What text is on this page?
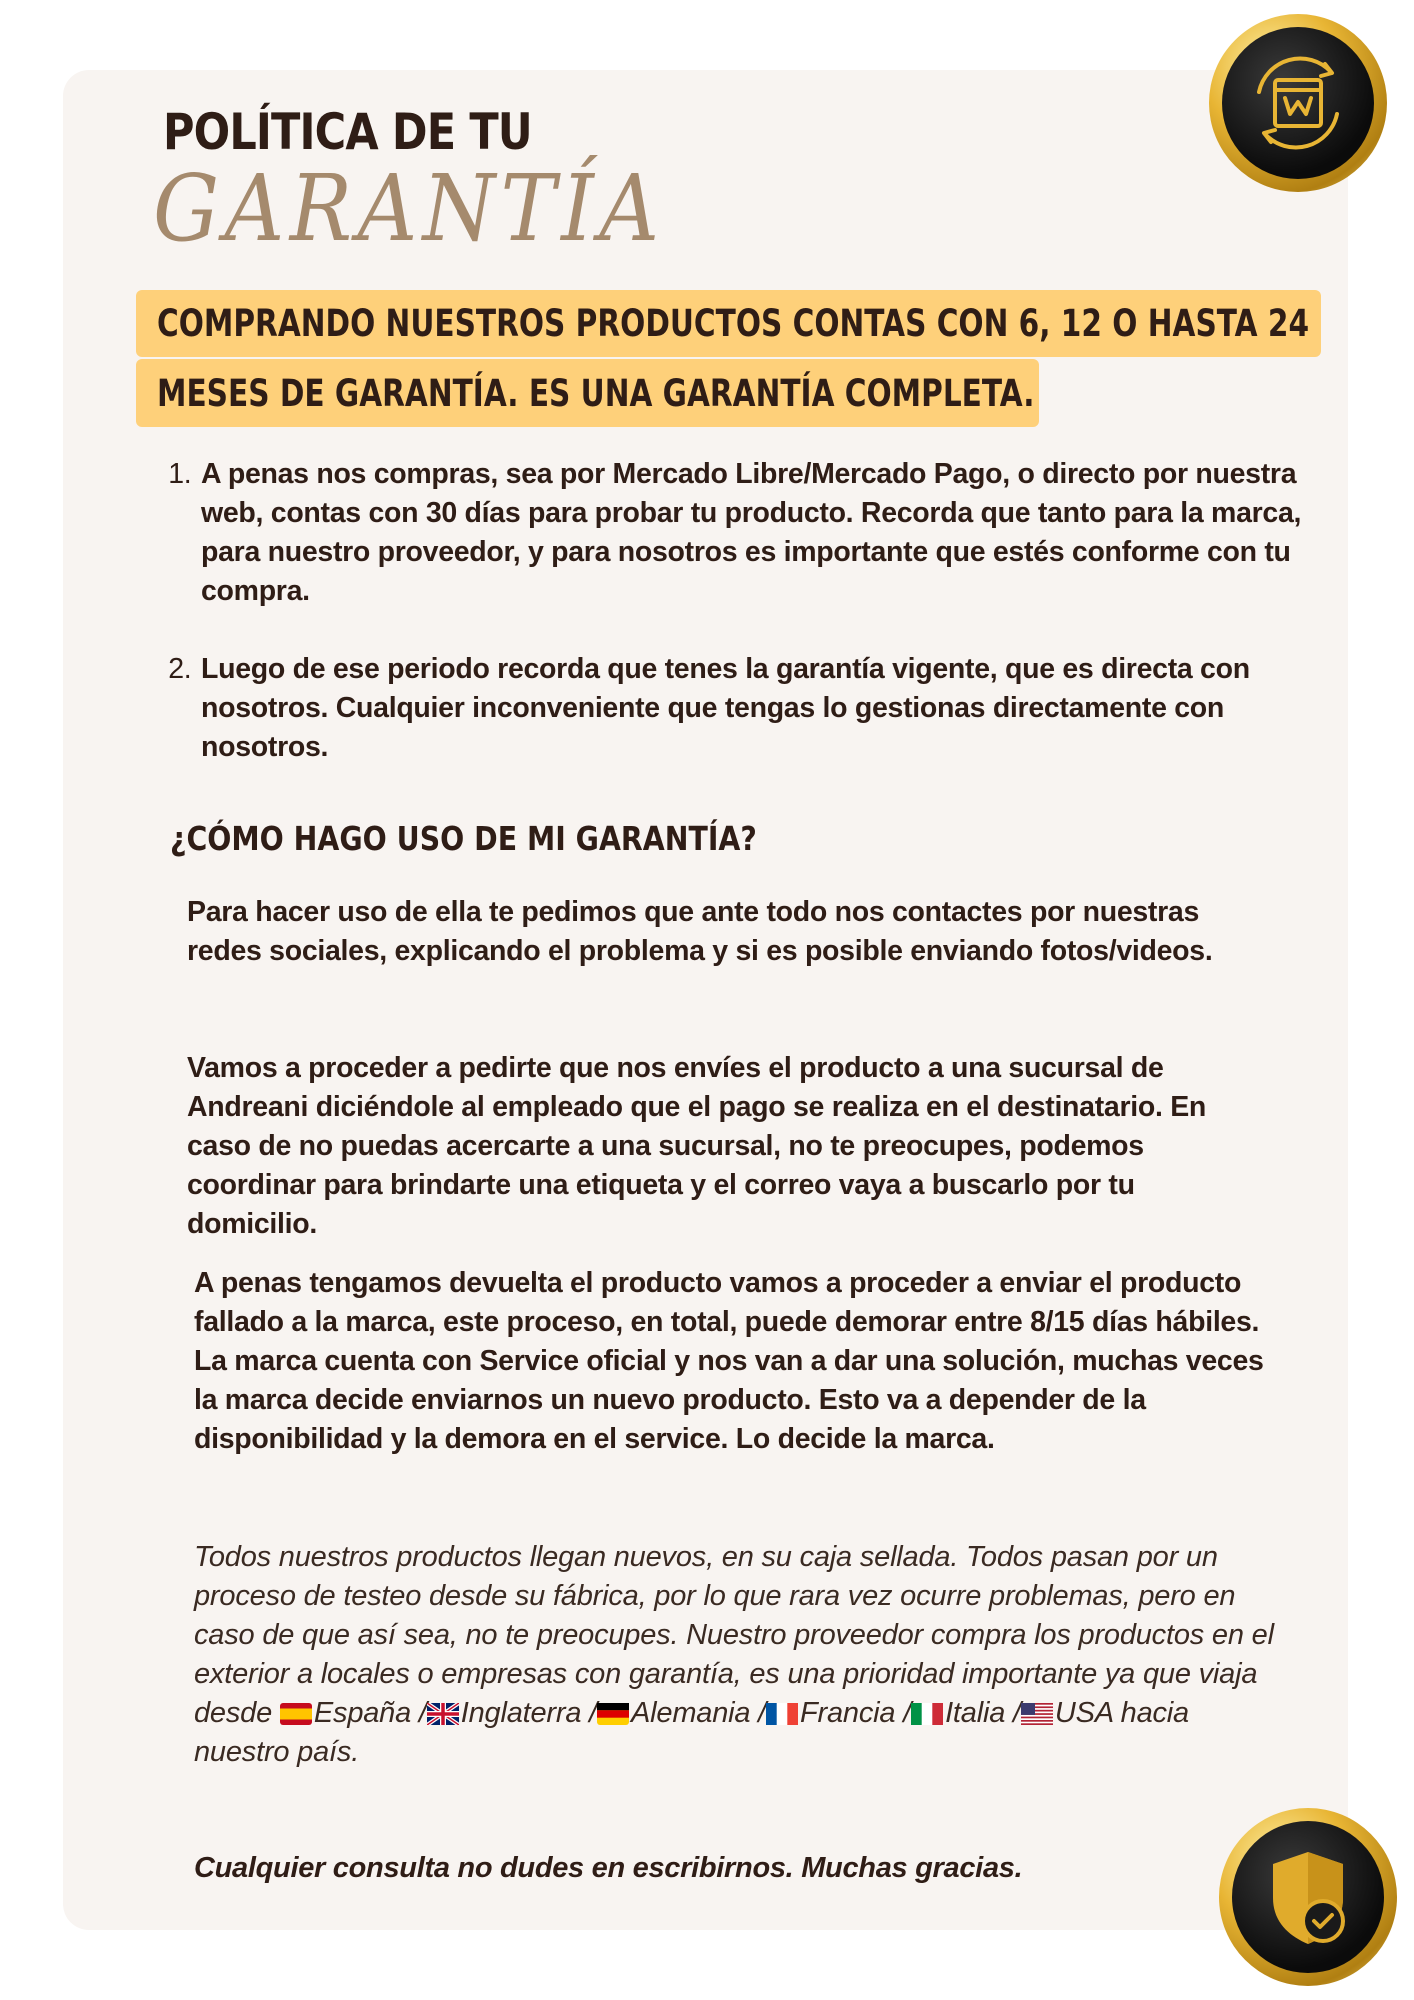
POLÍTICA DE TU
GARANTÍA
COMPRANDO NUESTROS PRODUCTOS CONTAS CON 6, 12 O HASTA 24
MESES DE GARANTÍA. ES UNA GARANTÍA COMPLETA.
1. A penas nos compras, sea por Mercado Libre/Mercado Pago, o directo por nuestra web, contas con 30 días para probar tu producto. Recorda que tanto para la marca, para nuestro proveedor, y para nosotros es importante que estés conforme con tu compra.
2. Luego de ese periodo recorda que tenes la garantía vigente, que es directa con nosotros. Cualquier inconveniente que tengas lo gestionas directamente con nosotros.
¿CÓMO HAGO USO DE MI GARANTÍA?

Para hacer uso de ella te pedimos que ante todo nos contactes por nuestras redes sociales, explicando el problema y si es posible enviando fotos/videos.

Vamos a proceder a pedirte que nos envíes el producto a una sucursal de Andreani diciéndole al empleado que el pago se realiza en el destinatario. En caso de no puedas acercarte a una sucursal, no te preocupes, podemos coordinar para brindarte una etiqueta y el correo vaya a buscarlo por tu domicilio.

A penas tengamos devuelta el producto vamos a proceder a enviar el producto fallado a la marca, este proceso, en total, puede demorar entre 8/15 días hábiles. La marca cuenta con Service oficial y nos van a dar una solución, muchas veces la marca decide enviarnos un nuevo producto. Esto va a depender de la disponibilidad y la demora en el service. Lo decide la marca.

Todos nuestros productos llegan nuevos, en su caja sellada. Todos pasan por un proceso de testeo desde su fábrica, por lo que rara vez ocurre problemas, pero en caso de que así sea, no te preocupes. Nuestro proveedor compra los productos en el exterior a locales o empresas con garantía, es una prioridad importante ya que viaja desde España / Inglaterra / Alemania / Francia / Italia / USA hacia nuestro país.

Cualquier consulta no dudes en escribirnos. Muchas gracias.
